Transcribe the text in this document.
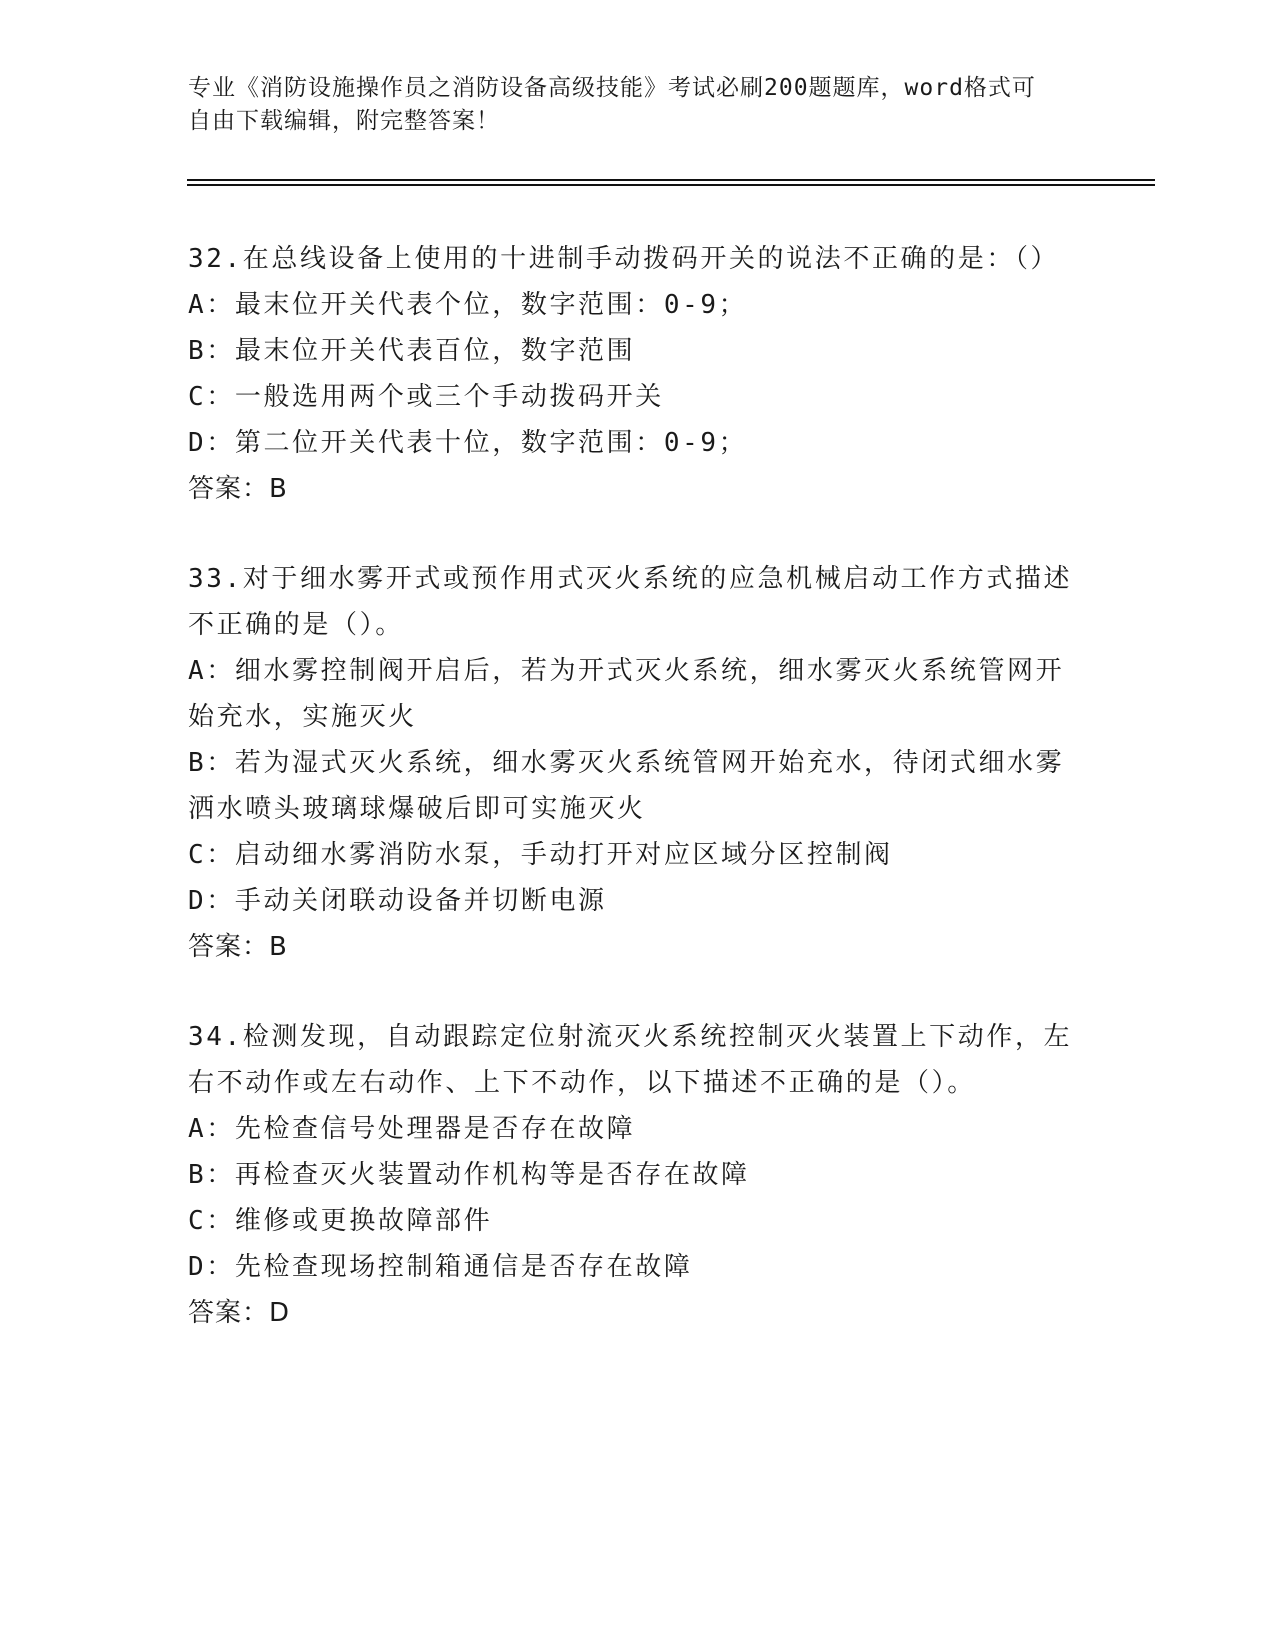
专业《消防设施操作员之消防设备高级技能》考试必刷200题题库，word格式可
自由下载编辑，附完整答案！
32.在总线设备上使用的十进制手动拨码开关的说法不正确的是：（）
A：最末位开关代表个位，数字范围：0-9；
B：最末位开关代表百位，数字范围
C：一般选用两个或三个手动拨码开关
D：第二位开关代表十位，数字范围：0-9；
答案：B
33.对于细水雾开式或预作用式灭火系统的应急机械启动工作方式描述
不正确的是（）。
A：细水雾控制阀开启后，若为开式灭火系统，细水雾灭火系统管网开
始充水，实施灭火
B：若为湿式灭火系统，细水雾灭火系统管网开始充水，待闭式细水雾
洒水喷头玻璃球爆破后即可实施灭火
C：启动细水雾消防水泵，手动打开对应区域分区控制阀
D：手动关闭联动设备并切断电源
答案：B
34.检测发现，自动跟踪定位射流灭火系统控制灭火装置上下动作，左
右不动作或左右动作、上下不动作，以下描述不正确的是（）。
A：先检查信号处理器是否存在故障
B：再检查灭火装置动作机构等是否存在故障
C：维修或更换故障部件
D：先检查现场控制箱通信是否存在故障
答案：D
